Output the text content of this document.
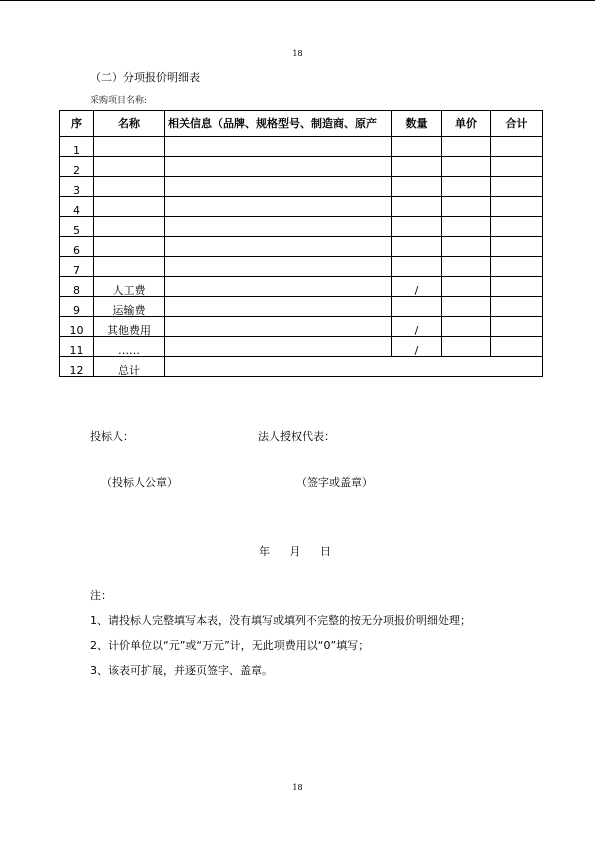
18
（二）分项报价明细表
采购项目名称:
序	名称	相关信息（品牌、规格型号、制造商、原产	数量	单价	合计
1					
2					
3					
4					
5					
6					
7					
8	人工费		/		
9	运输费				
10	其他费用		/		
11	……		/		
12	总计				
投标人：	法人授权代表：
（投标人公章）	（签字或盖章）
年 月 日
注：
1、请投标人完整填写本表，没有填写或填列不完整的按无分项报价明细处理；
2、计价单位以“元”或“万元”计，无此项费用以“0”填写；
3、该表可扩展，并逐页签字、盖章。
18
